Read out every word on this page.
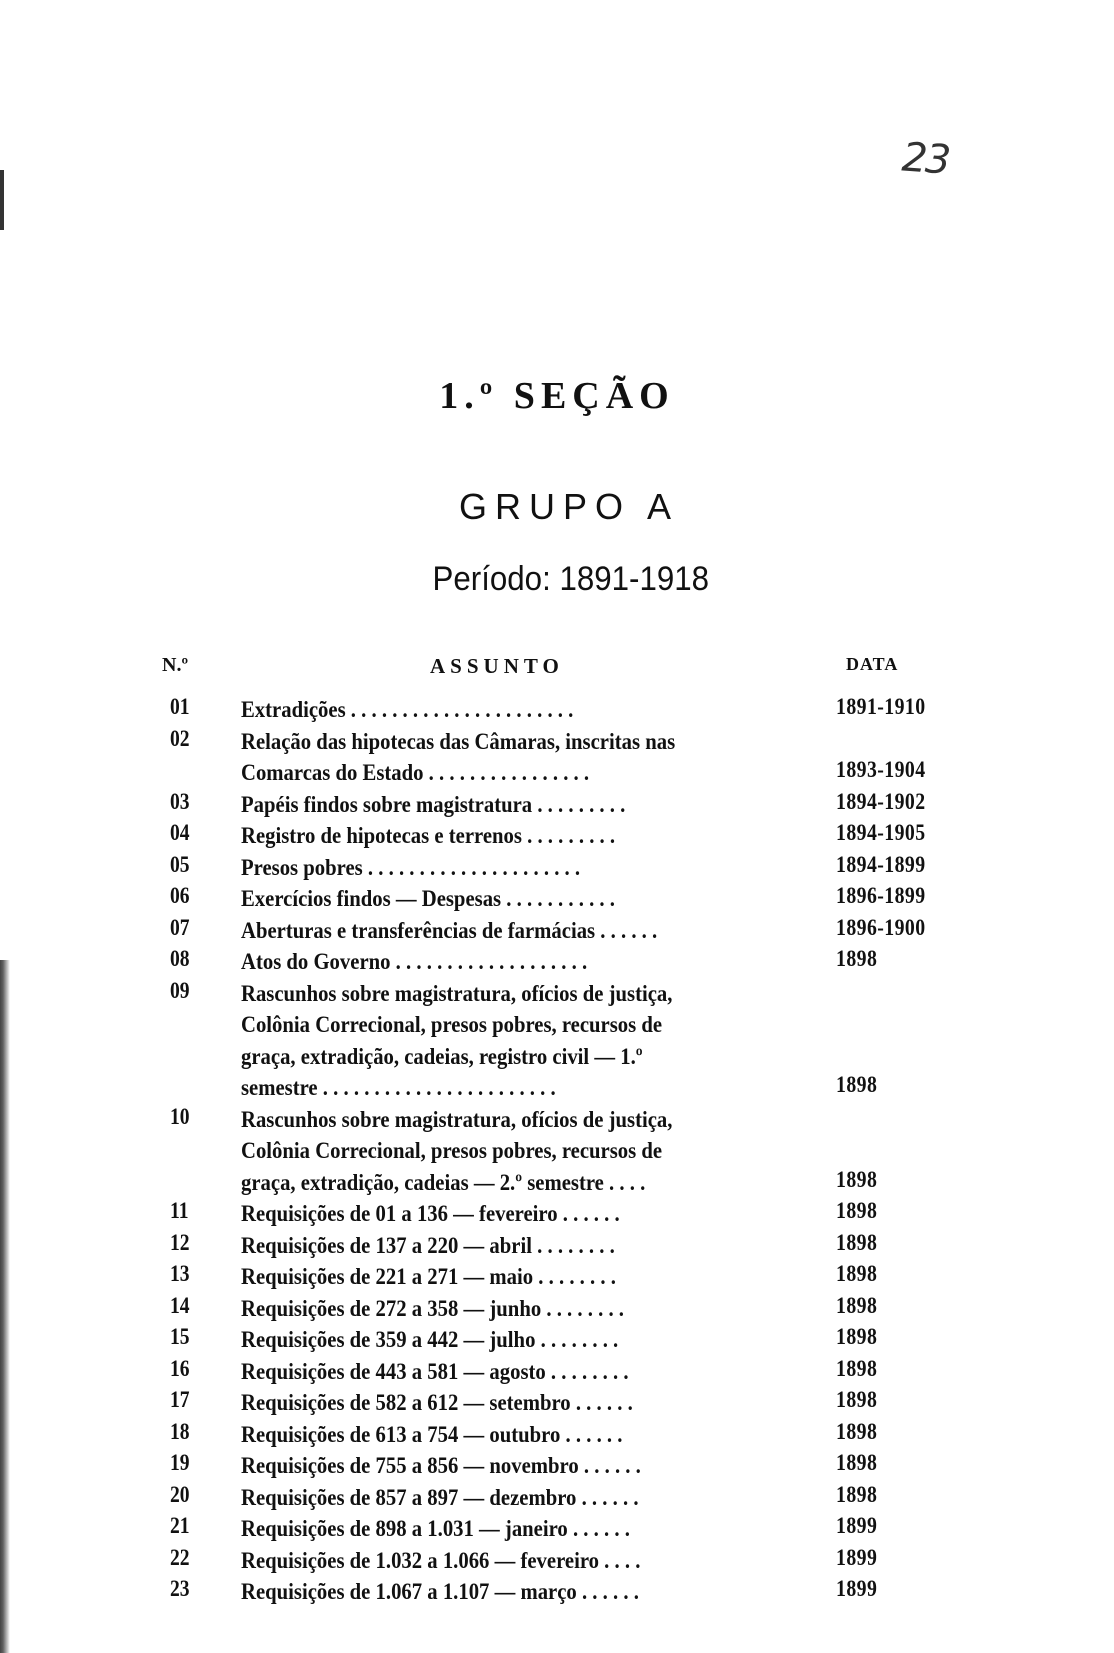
23
1.º SEÇÃO
GRUPO A
Período: 1891-1918
N.º	ASSUNTO	DATA
01	Extradições . . . . . . . . . . . . . . . . . . . . . .	1891-1910
02	Relação das hipotecas das Câmaras, inscritas nas
Comarcas do Estado . . . . . . . . . . . . . . . .	1893-1904
03	Papéis findos sobre magistratura . . . . . . . . .	1894-1902
04	Registro de hipotecas e terrenos . . . . . . . . .	1894-1905
05	Presos pobres . . . . . . . . . . . . . . . . . . . . .	1894-1899
06	Exercícios findos — Despesas . . . . . . . . . . .	1896-1899
07	Aberturas e transferências de farmácias . . . . . .	1896-1900
08	Atos do Governo . . . . . . . . . . . . . . . . . . .	1898
09	Rascunhos sobre magistratura, ofícios de justiça,
Colônia Correcional, presos pobres, recursos de
graça, extradição, cadeias, registro civil — 1.º
semestre . . . . . . . . . . . . . . . . . . . . . . .	1898
10	Rascunhos sobre magistratura, ofícios de justiça,
Colônia Correcional, presos pobres, recursos de
graça, extradição, cadeias — 2.º semestre . . . .	1898
11	Requisições de 01 a 136 — fevereiro . . . . . .	1898
12	Requisições de 137 a 220 — abril . . . . . . . .	1898
13	Requisições de 221 a 271 — maio . . . . . . . .	1898
14	Requisições de 272 a 358 — junho . . . . . . . .	1898
15	Requisições de 359 a 442 — julho . . . . . . . .	1898
16	Requisições de 443 a 581 — agosto . . . . . . . .	1898
17	Requisições de 582 a 612 — setembro . . . . . .	1898
18	Requisições de 613 a 754 — outubro . . . . . .	1898
19	Requisições de 755 a 856 — novembro . . . . . .	1898
20	Requisições de 857 a 897 — dezembro . . . . . .	1898
21	Requisições de 898 a 1.031 — janeiro . . . . . .	1899
22	Requisições de 1.032 a 1.066 — fevereiro . . . .	1899
23	Requisições de 1.067 a 1.107 — março . . . . . .	1899
